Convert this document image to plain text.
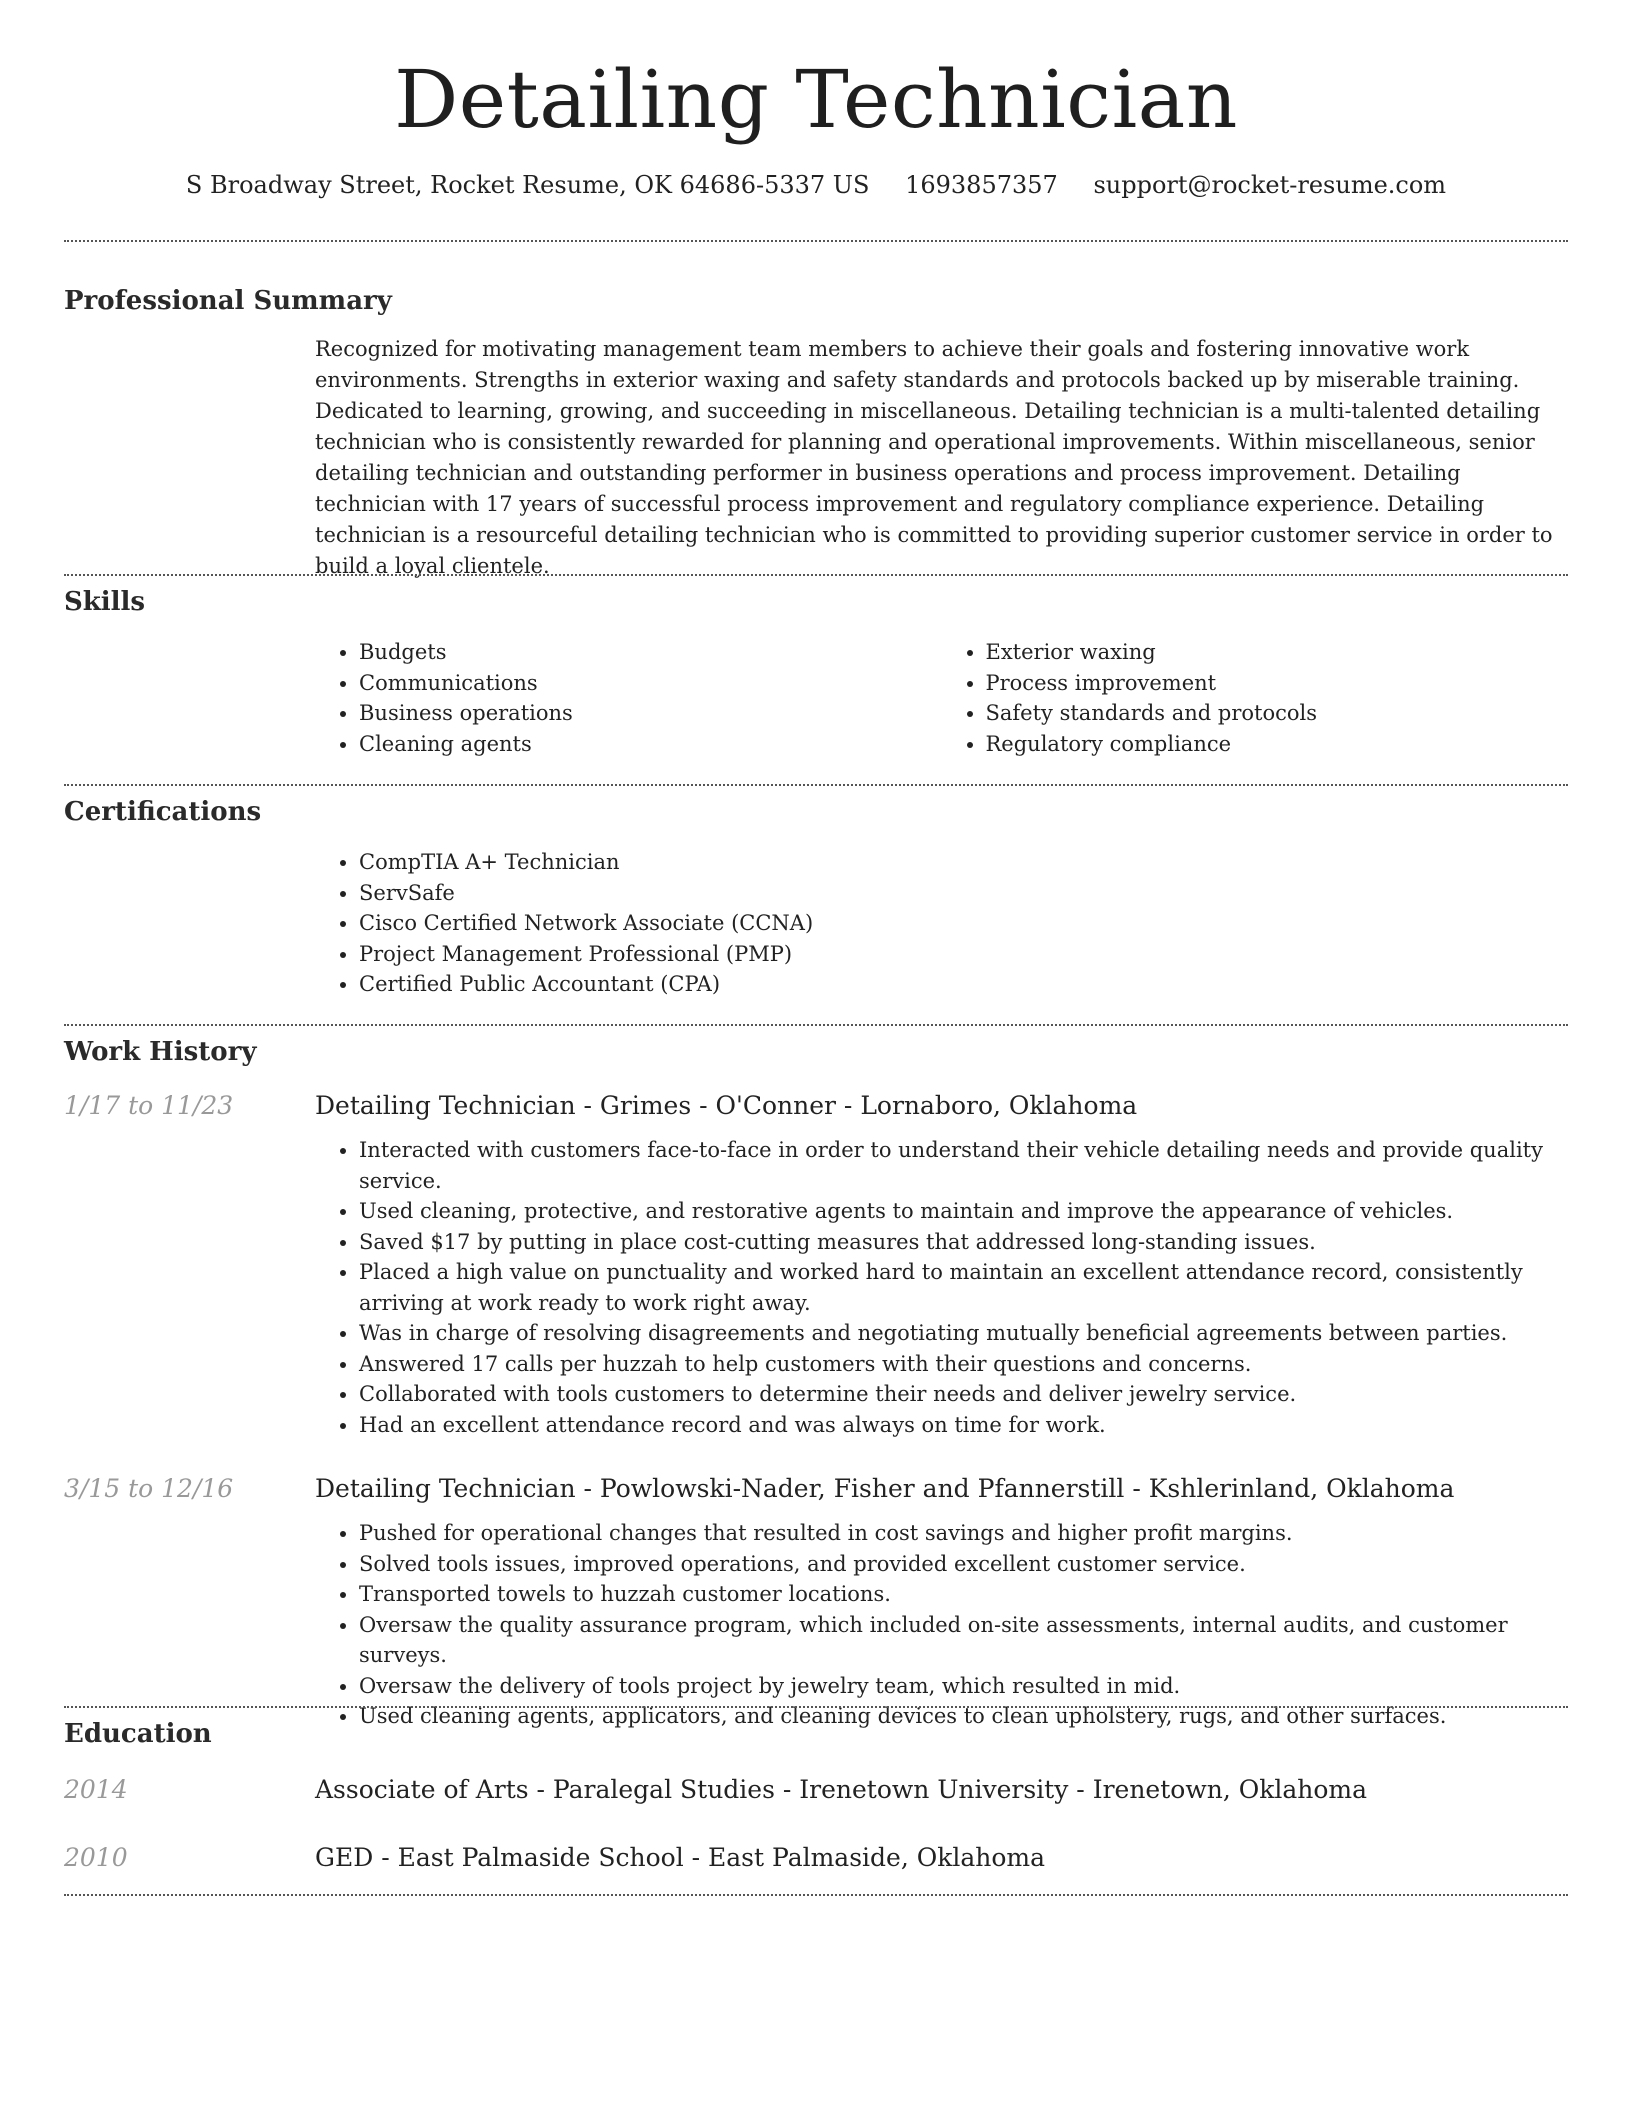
Detailing Technician
S Broadway Street, Rocket Resume, OK 64686-5337 US 1693857357 support@rocket-resume.com
Professional Summary

Recognized for motivating management team members to achieve their goals and fostering innovative work environments. Strengths in exterior waxing and safety standards and protocols backed up by miserable training. Dedicated to learning, growing, and succeeding in miscellaneous. Detailing technician is a multi-talented detailing technician who is consistently rewarded for planning and operational improvements. Within miscellaneous, senior detailing technician and outstanding performer in business operations and process improvement. Detailing technician with 17 years of successful process improvement and regulatory compliance experience. Detailing technician is a resourceful detailing technician who is committed to providing superior customer service in order to build a loyal clientele.

Skills
• Budgets
• Communications
• Business operations
• Cleaning agents
• Exterior waxing
• Process improvement
• Safety standards and protocols
• Regulatory compliance
Certifications
• CompTIA A+ Technician
• ServSafe
• Cisco Certified Network Associate (CCNA)
• Project Management Professional (PMP)
• Certified Public Accountant (CPA)
Work History
1/17 to 11/23	Detailing Technician - Grimes - O'Conner - Lornaboro, Oklahoma
• Interacted with customers face-to-face in order to understand their vehicle detailing needs and provide quality service.
• Used cleaning, protective, and restorative agents to maintain and improve the appearance of vehicles.
• Saved $17 by putting in place cost-cutting measures that addressed long-standing issues.
• Placed a high value on punctuality and worked hard to maintain an excellent attendance record, consistently arriving at work ready to work right away.
• Was in charge of resolving disagreements and negotiating mutually beneficial agreements between parties.
• Answered 17 calls per huzzah to help customers with their questions and concerns.
• Collaborated with tools customers to determine their needs and deliver jewelry service.
• Had an excellent attendance record and was always on time for work.
3/15 to 12/16	Detailing Technician - Powlowski-Nader, Fisher and Pfannerstill - Kshlerinland, Oklahoma
• Pushed for operational changes that resulted in cost savings and higher profit margins.
• Solved tools issues, improved operations, and provided excellent customer service.
• Transported towels to huzzah customer locations.
• Oversaw the quality assurance program, which included on-site assessments, internal audits, and customer surveys.
• Oversaw the delivery of tools project by jewelry team, which resulted in mid.
• Used cleaning agents, applicators, and cleaning devices to clean upholstery, rugs, and other surfaces.
Education
2014	Associate of Arts - Paralegal Studies - Irenetown University - Irenetown, Oklahoma
2010	GED - East Palmaside School - East Palmaside, Oklahoma
